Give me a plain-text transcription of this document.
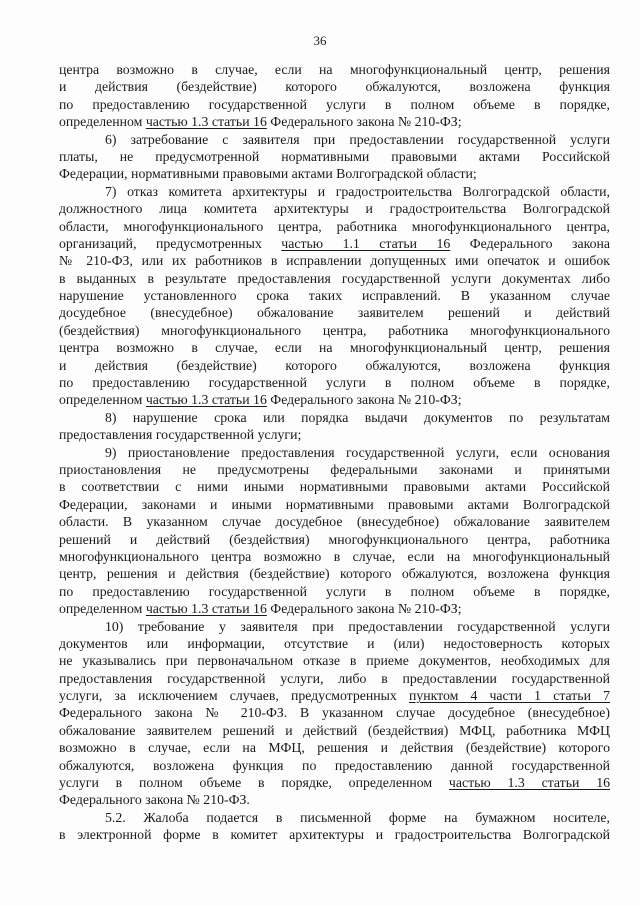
36
центра возможно в случае, если на многофункциональный центр, решения
и действия (бездействие) которого обжалуются, возложена функция
по предоставлению государственной услуги в полном объеме в порядке,
определенном частью 1.3 статьи 16 Федерального закона № 210-ФЗ;
6) затребование с заявителя при предоставлении государственной услуги
платы, не предусмотренной нормативными правовыми актами Российской
Федерации, нормативными правовыми актами Волгоградской области;
7) отказ комитета архитектуры и градостроительства Волгоградской области,
должностного лица комитета архитектуры и градостроительства Волгоградской
области, многофункционального центра, работника многофункционального центра,
организаций, предусмотренных частью 1.1 статьи 16 Федерального закона
№ 210-ФЗ, или их работников в исправлении допущенных ими опечаток и ошибок
в выданных в результате предоставления государственной услуги документах либо
нарушение установленного срока таких исправлений. В указанном случае
досудебное (внесудебное) обжалование заявителем решений и действий
(бездействия) многофункционального центра, работника многофункционального
центра возможно в случае, если на многофункциональный центр, решения
и действия (бездействие) которого обжалуются, возложена функция
по предоставлению государственной услуги в полном объеме в порядке,
определенном частью 1.3 статьи 16 Федерального закона № 210-ФЗ;
8) нарушение срока или порядка выдачи документов по результатам
предоставления государственной услуги;
9) приостановление предоставления государственной услуги, если основания
приостановления не предусмотрены федеральными законами и принятыми
в соответствии с ними иными нормативными правовыми актами Российской
Федерации, законами и иными нормативными правовыми актами Волгоградской
области. В указанном случае досудебное (внесудебное) обжалование заявителем
решений и действий (бездействия) многофункционального центра, работника
многофункционального центра возможно в случае, если на многофункциональный
центр, решения и действия (бездействие) которого обжалуются, возложена функция
по предоставлению государственной услуги в полном объеме в порядке,
определенном частью 1.3 статьи 16 Федерального закона № 210-ФЗ;
10) требование у заявителя при предоставлении государственной услуги
документов или информации, отсутствие и (или) недостоверность которых
не указывались при первоначальном отказе в приеме документов, необходимых для
предоставления государственной услуги, либо в предоставлении государственной
услуги, за исключением случаев, предусмотренных пунктом 4 части 1 статьи 7
Федерального закона № 210-ФЗ. В указанном случае досудебное (внесудебное)
обжалование заявителем решений и действий (бездействия) МФЦ, работника МФЦ
возможно в случае, если на МФЦ, решения и действия (бездействие) которого
обжалуются, возложена функция по предоставлению данной государственной
услуги в полном объеме в порядке, определенном частью 1.3 статьи 16
Федерального закона № 210-ФЗ.
5.2. Жалоба подается в письменной форме на бумажном носителе,
в электронной форме в комитет архитектуры и градостроительства Волгоградской
